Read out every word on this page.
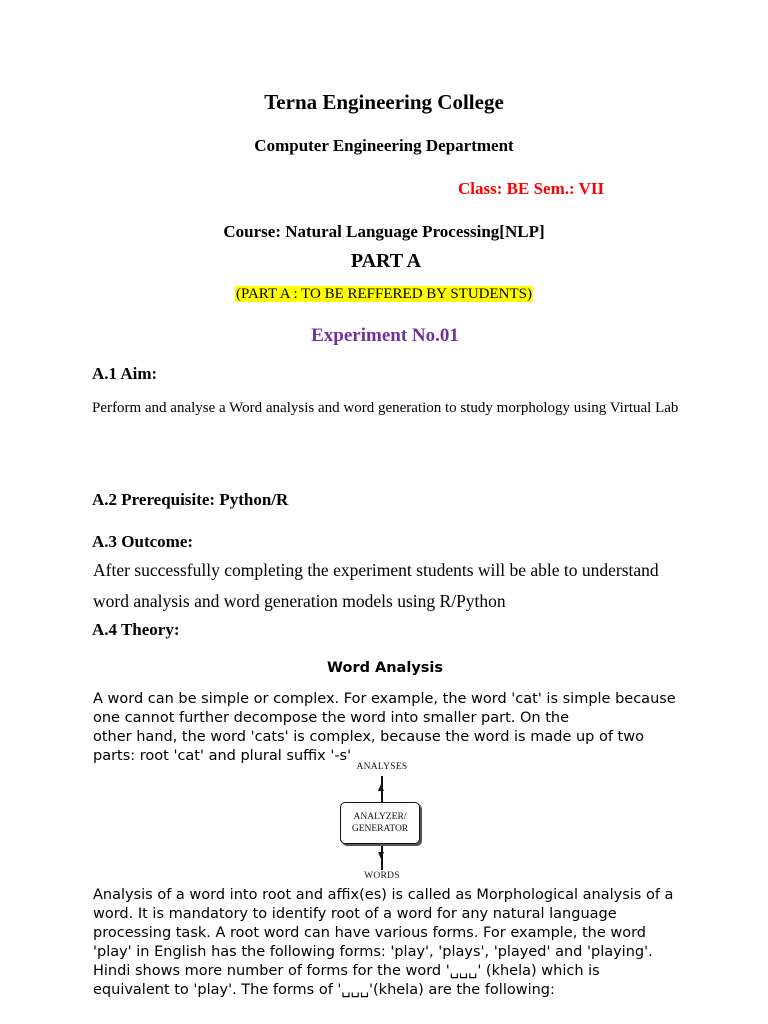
Terna Engineering College
Computer Engineering Department
Class: BE Sem.: VII
Course: Natural Language Processing[NLP]
PART A
(PART A : TO BE REFFERED BY STUDENTS)
Experiment No.01
A.1 Aim:

Perform and analyse a Word analysis and word generation to study morphology using Virtual Lab

A.2 Prerequisite: Python/R
A.3 Outcome:

After successfully completing the experiment students will be able to understand word analysis and word generation models using R/Python

A.4 Theory:
Word Analysis
A word can be simple or complex. For example, the word 'cat' is simple because one cannot further decompose the word into smaller part. On the
other hand, the word 'cats' is complex, because the word is made up of two parts: root 'cat' and plural suffix '-s'
ANALYSES
ANALYZER/
GENERATOR
WORDS

Analysis of a word into root and affix(es) is called as Morphological analysis of a word. It is mandatory to identify root of a word for any natural language processing task. A root word can have various forms. For example, the word 'play' in English has the following forms: 'play', 'plays', 'played' and 'playing'. Hindi shows more number of forms for the word '␣␣␣' (khela) which is equivalent to 'play'. The forms of '␣␣␣'(khela) are the following:
